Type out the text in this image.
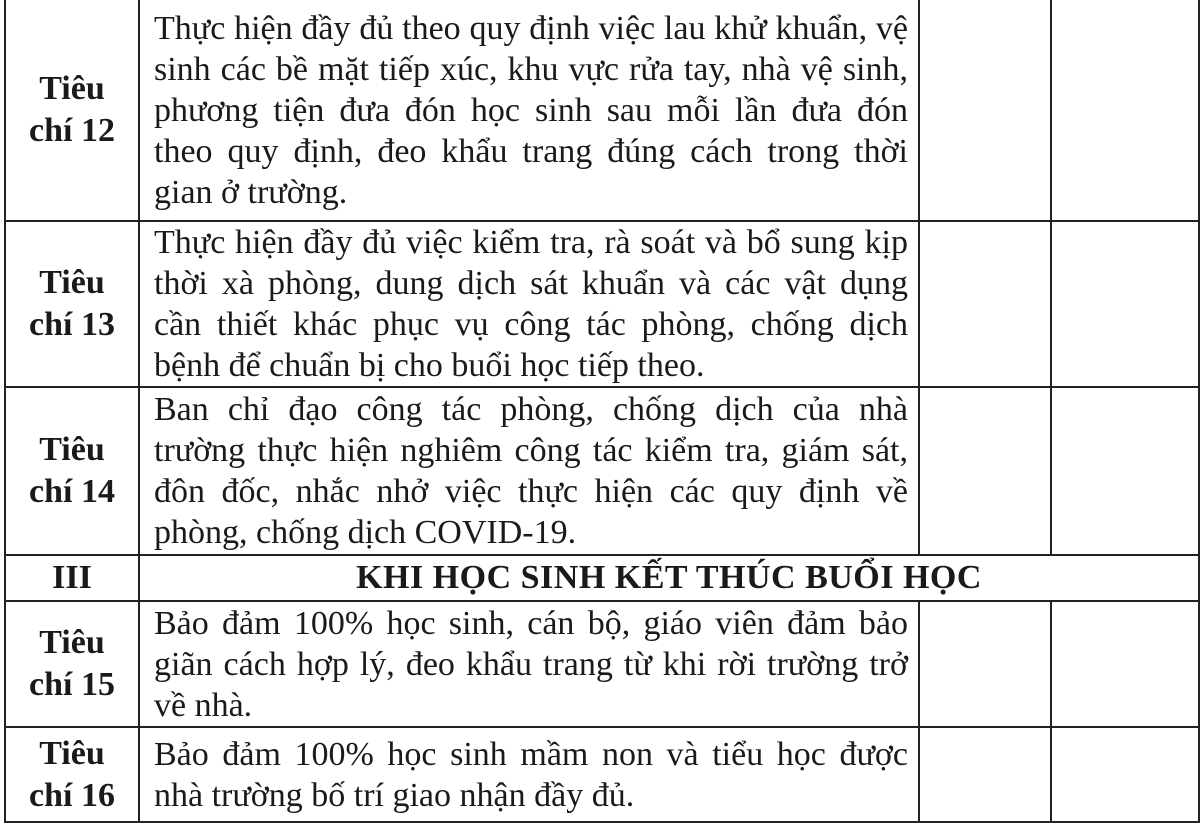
Tiêu
chí 12	Thực hiện đầy đủ theo quy định việc lau khử khuẩn, vệ sinh các bề mặt tiếp xúc, khu vực rửa tay, nhà vệ sinh, phương tiện đưa đón học sinh sau mỗi lần đưa đón theo quy định, đeo khẩu trang đúng cách trong thời gian ở trường.		

Tiêu
chí 13	Thực hiện đầy đủ việc kiểm tra, rà soát và bổ sung kịp thời xà phòng, dung dịch sát khuẩn và các vật dụng cần thiết khác phục vụ công tác phòng, chống dịch bệnh để chuẩn bị cho buổi học tiếp theo.		

Tiêu
chí 14	Ban chỉ đạo công tác phòng, chống dịch của nhà trường thực hiện nghiêm công tác kiểm tra, giám sát, đôn đốc, nhắc nhở việc thực hiện các quy định về phòng, chống dịch COVID-19.		
III	KHI HỌC SINH KẾT THÚC BUỔI HỌC		

Tiêu
chí 15	Bảo đảm 100% học sinh, cán bộ, giáo viên đảm bảo giãn cách hợp lý, đeo khẩu trang từ khi rời trường trở về nhà.		

Tiêu
chí 16	Bảo đảm 100% học sinh mầm non và tiểu học được nhà trường bố trí giao nhận đầy đủ.		
